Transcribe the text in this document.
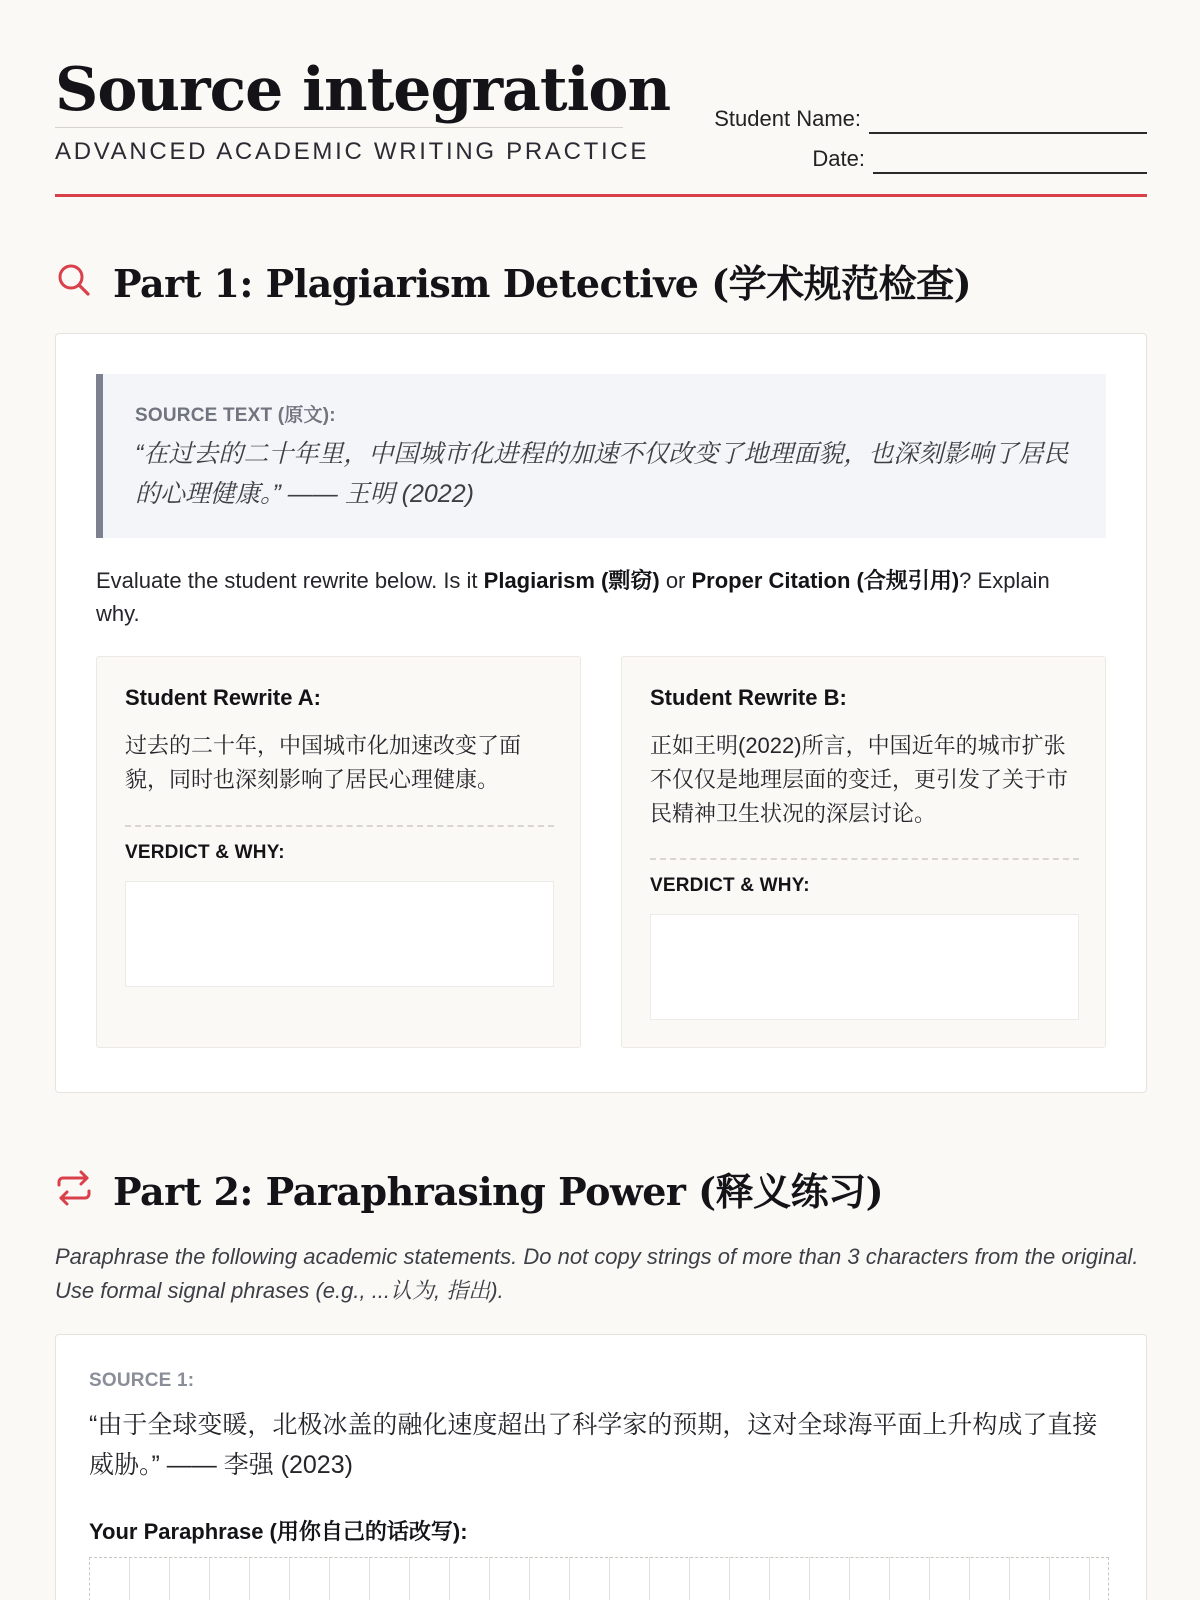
Source integration
ADVANCED ACADEMIC WRITING PRACTICE
Student Name:
Date:
Part 1: Plagiarism Detective (学术规范检查)
SOURCE TEXT (原文):
“在过去的二十年里，中国城市化进程的加速不仅改变了地理面貌，也深刻影响了居民的心理健康。” —— 王明 (2022)
Evaluate the student rewrite below. Is it Plagiarism (剽窃) or Proper Citation (合规引用)? Explain why.
Student Rewrite A:
过去的二十年，中国城市化加速改变了面貌，同时也深刻影响了居民心理健康。
VERDICT & WHY:
Student Rewrite B:
正如王明(2022)所言，中国近年的城市扩张不仅仅是地理层面的变迁，更引发了关于市民精神卫生状况的深层讨论。
VERDICT & WHY:
Part 2: Paraphrasing Power (释义练习)
Paraphrase the following academic statements. Do not copy strings of more than 3 characters from the original. Use formal signal phrases (e.g., ...认为, 指出).
SOURCE 1:
“由于全球变暖，北极冰盖的融化速度超出了科学家的预期，这对全球海平面上升构成了直接威胁。” —— 李强 (2023)
Your Paraphrase (用你自己的话改写):
